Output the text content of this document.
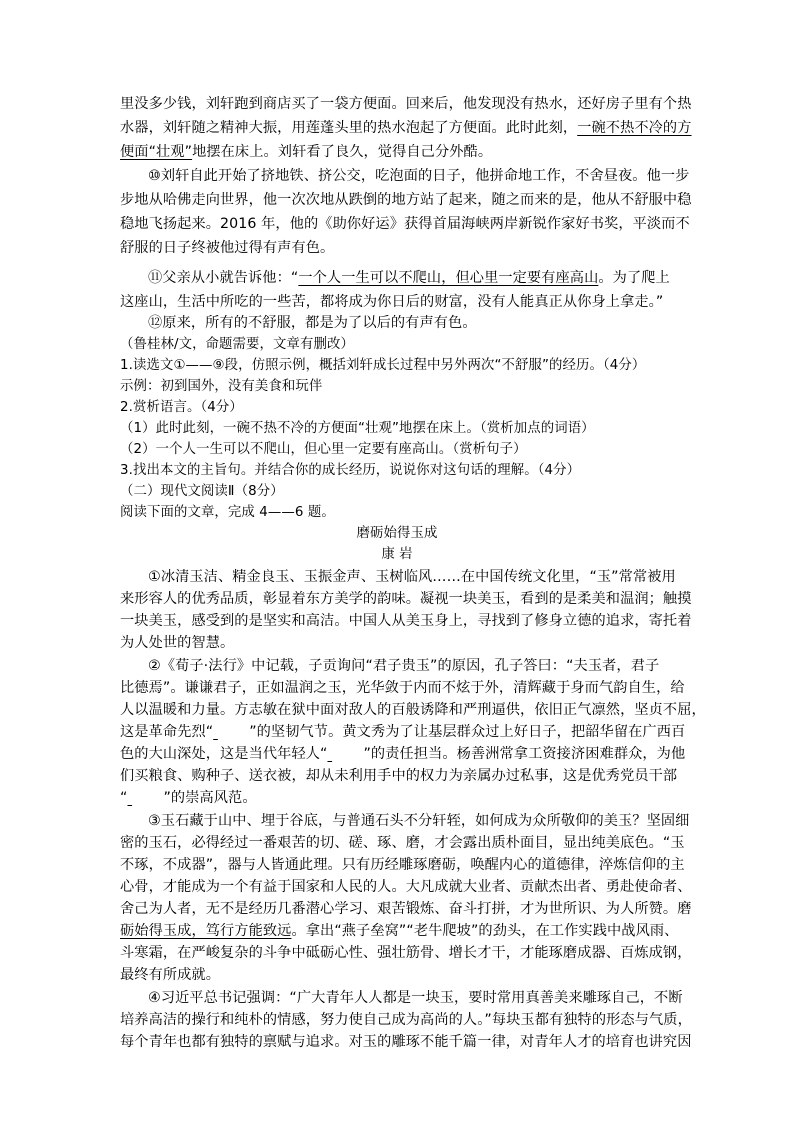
里没多少钱，刘轩跑到商店买了一袋方便面。回来后，他发现没有热水，还好房子里有个热
水器，刘轩随之精神大振，用莲蓬头里的热水泡起了方便面。此时此刻，一碗不热不冷的方
便面“壮观”地摆在床上。刘轩看了良久，觉得自己分外酷。
⑩刘轩自此开始了挤地铁、挤公交，吃泡面的日子，他拼命地工作，不舍昼夜。他一步
步地从哈佛走向世界，他一次次地从跌倒的地方站了起来，随之而来的是，他从不舒服中稳
稳地飞扬起来。2016 年，他的《助你好运》获得首届海峡两岸新锐作家好书奖，平淡而不
舒服的日子终被他过得有声有色。
⑪父亲从小就告诉他：“一个人一生可以不爬山，但心里一定要有座高山。为了爬上
这座山，生活中所吃的一些苦，都将成为你日后的财富，没有人能真正从你身上拿走。”
⑫原来，所有的不舒服，都是为了以后的有声有色。
（鲁桂林/文，命题需要，文章有删改）
1.读选文①——⑨段，仿照示例，概括刘轩成长过程中另外两次“不舒服”的经历。（4分）
示例：初到国外，没有美食和玩伴
2.赏析语言。（4分）
（1）此时此刻，一碗不热不冷的方便面“壮观”地摆在床上。（赏析加点的词语）
（2）一个人一生可以不爬山，但心里一定要有座高山。（赏析句子）
3.找出本文的主旨句。并结合你的成长经历，说说你对这句话的理解。（4分）
（二）现代文阅读Ⅱ（8分）
阅读下面的文章，完成 4——6 题。
磨砺始得玉成
康 岩
①冰清玉洁、精金良玉、玉振金声、玉树临风……在中国传统文化里，“玉”常常被用
来形容人的优秀品质，彰显着东方美学的韵味。凝视一块美玉，看到的是柔美和温润；触摸
一块美玉，感受到的是坚实和高洁。中国人从美玉身上，寻找到了修身立德的追求，寄托着
为人处世的智慧。
②《荀子·法行》中记载，子贡询问“君子贵玉”的原因，孔子答曰：“夫玉者，君子
比德焉”。谦谦君子，正如温润之玉，光华敛于内而不炫于外，清辉藏于身而气韵自生，给
人以温暖和力量。方志敏在狱中面对敌人的百般诱降和严刑逼供，依旧正气凛然，坚贞不屈，
这是革命先烈“	”的坚韧气节。黄文秀为了让基层群众过上好日子，把韶华留在广西百
色的大山深处，这是当代年轻人“	”的责任担当。杨善洲常拿工资接济困难群众，为他
们买粮食、购种子、送衣被，却从未利用手中的权力为亲属办过私事，这是优秀党员干部
“	”的崇高风范。
③玉石藏于山中、埋于谷底，与普通石头不分轩轾，如何成为众所敬仰的美玉？坚固细
密的玉石，必得经过一番艰苦的切、磋、琢、磨，才会露出质朴面目，显出纯美底色。“玉
不琢，不成器”，器与人皆通此理。只有历经雕琢磨砺，唤醒内心的道德律，淬炼信仰的主
心骨，才能成为一个有益于国家和人民的人。大凡成就大业者、贡献杰出者、勇赴使命者、
舍己为人者，无不是经历几番潜心学习、艰苦锻炼、奋斗打拼，才为世所识、为人所赞。磨
砺始得玉成，笃行方能致远。拿出“燕子垒窝”“老牛爬坡”的劲头，在工作实践中战风雨、
斗寒霜，在严峻复杂的斗争中砥砺心性、强壮筋骨、增长才干，才能琢磨成器、百炼成钢，
最终有所成就。
④习近平总书记强调：“广大青年人人都是一块玉，要时常用真善美来雕琢自己，不断
培养高洁的操行和纯朴的情感，努力使自己成为高尚的人。”每块玉都有独特的形态与气质，
每个青年也都有独特的禀赋与追求。对玉的雕琢不能千篇一律，对青年人才的培育也讲究因
